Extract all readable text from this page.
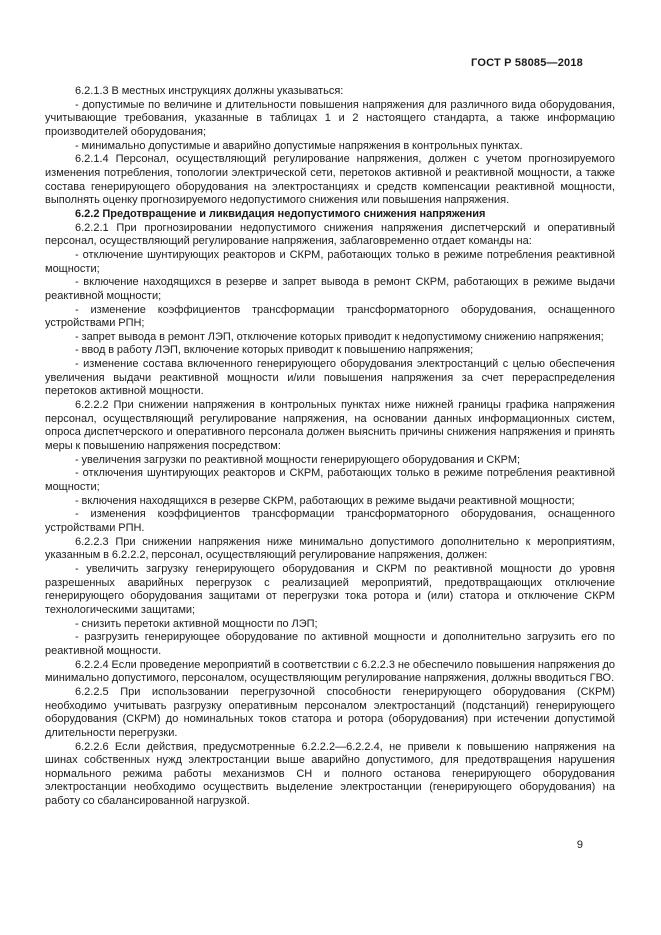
ГОСТ Р 58085—2018

6.2.1.3 В местных инструкциях должны указываться:

- допустимые по величине и длительности повышения напряжения для различного вида оборудования, учитывающие требования, указанные в таблицах 1 и 2 настоящего стандарта, а также информацию производителей оборудования;

- минимально допустимые и аварийно допустимые напряжения в контрольных пунктах.

6.2.1.4 Персонал, осуществляющий регулирование напряжения, должен с учетом прогнозируемого изменения потребления, топологии электрической сети, перетоков активной и реактивной мощности, а также состава генерирующего оборудования на электростанциях и средств компенсации реактивной мощности, выполнять оценку прогнозируемого недопустимого снижения или повышения напряжения.

6.2.2 Предотвращение и ликвидация недопустимого снижения напряжения

6.2.2.1 При прогнозировании недопустимого снижения напряжения диспетчерский и оперативный персонал, осуществляющий регулирование напряжения, заблаговременно отдает команды на:

- отключение шунтирующих реакторов и СКРМ, работающих только в режиме потребления реактивной мощности;

- включение находящихся в резерве и запрет вывода в ремонт СКРМ, работающих в режиме выдачи реактивной мощности;

- изменение коэффициентов трансформации трансформаторного оборудования, оснащенного устройствами РПН;

- запрет вывода в ремонт ЛЭП, отключение которых приводит к недопустимому снижению напряжения;

- ввод в работу ЛЭП, включение которых приводит к повышению напряжения;

- изменение состава включенного генерирующего оборудования электростанций с целью обеспечения увеличения выдачи реактивной мощности и/или повышения напряжения за счет перераспределения перетоков активной мощности.

6.2.2.2 При снижении напряжения в контрольных пунктах ниже нижней границы графика напряжения персонал, осуществляющий регулирование напряжения, на основании данных информационных систем, опроса диспетчерского и оперативного персонала должен выяснить причины снижения напряжения и принять меры к повышению напряжения посредством:

- увеличения загрузки по реактивной мощности генерирующего оборудования и СКРМ;

- отключения шунтирующих реакторов и СКРМ, работающих только в режиме потребления реактивной мощности;

- включения находящихся в резерве СКРМ, работающих в режиме выдачи реактивной мощности;

- изменения коэффициентов трансформации трансформаторного оборудования, оснащенного устройствами РПН.

6.2.2.3 При снижении напряжения ниже минимально допустимого дополнительно к мероприятиям, указанным в 6.2.2.2, персонал, осуществляющий регулирование напряжения, должен:

- увеличить загрузку генерирующего оборудования и СКРМ по реактивной мощности до уровня разрешенных аварийных перегрузок с реализацией мероприятий, предотвращающих отключение генерирующего оборудования защитами от перегрузки тока ротора и (или) статора и отключение СКРМ технологическими защитами;

- снизить перетоки активной мощности по ЛЭП;

- разгрузить генерирующее оборудование по активной мощности и дополнительно загрузить его по реактивной мощности.

6.2.2.4 Если проведение мероприятий в соответствии с 6.2.2.3 не обеспечило повышения напряжения до минимально допустимого, персоналом, осуществляющим регулирование напряжения, должны вводиться ГВО.

6.2.2.5 При использовании перегрузочной способности генерирующего оборудования (СКРМ) необходимо учитывать разгрузку оперативным персоналом электростанций (подстанций) генерирующего оборудования (СКРМ) до номинальных токов статора и ротора (оборудования) при истечении допустимой длительности перегрузки.

6.2.2.6 Если действия, предусмотренные 6.2.2.2—6.2.2.4, не привели к повышению напряжения на шинах собственных нужд электростанции выше аварийно допустимого, для предотвращения нарушения нормального режима работы механизмов СН и полного останова генерирующего оборудования электростанции необходимо осуществить выделение электростанции (генерирующего оборудования) на работу со сбалансированной нагрузкой.

9
